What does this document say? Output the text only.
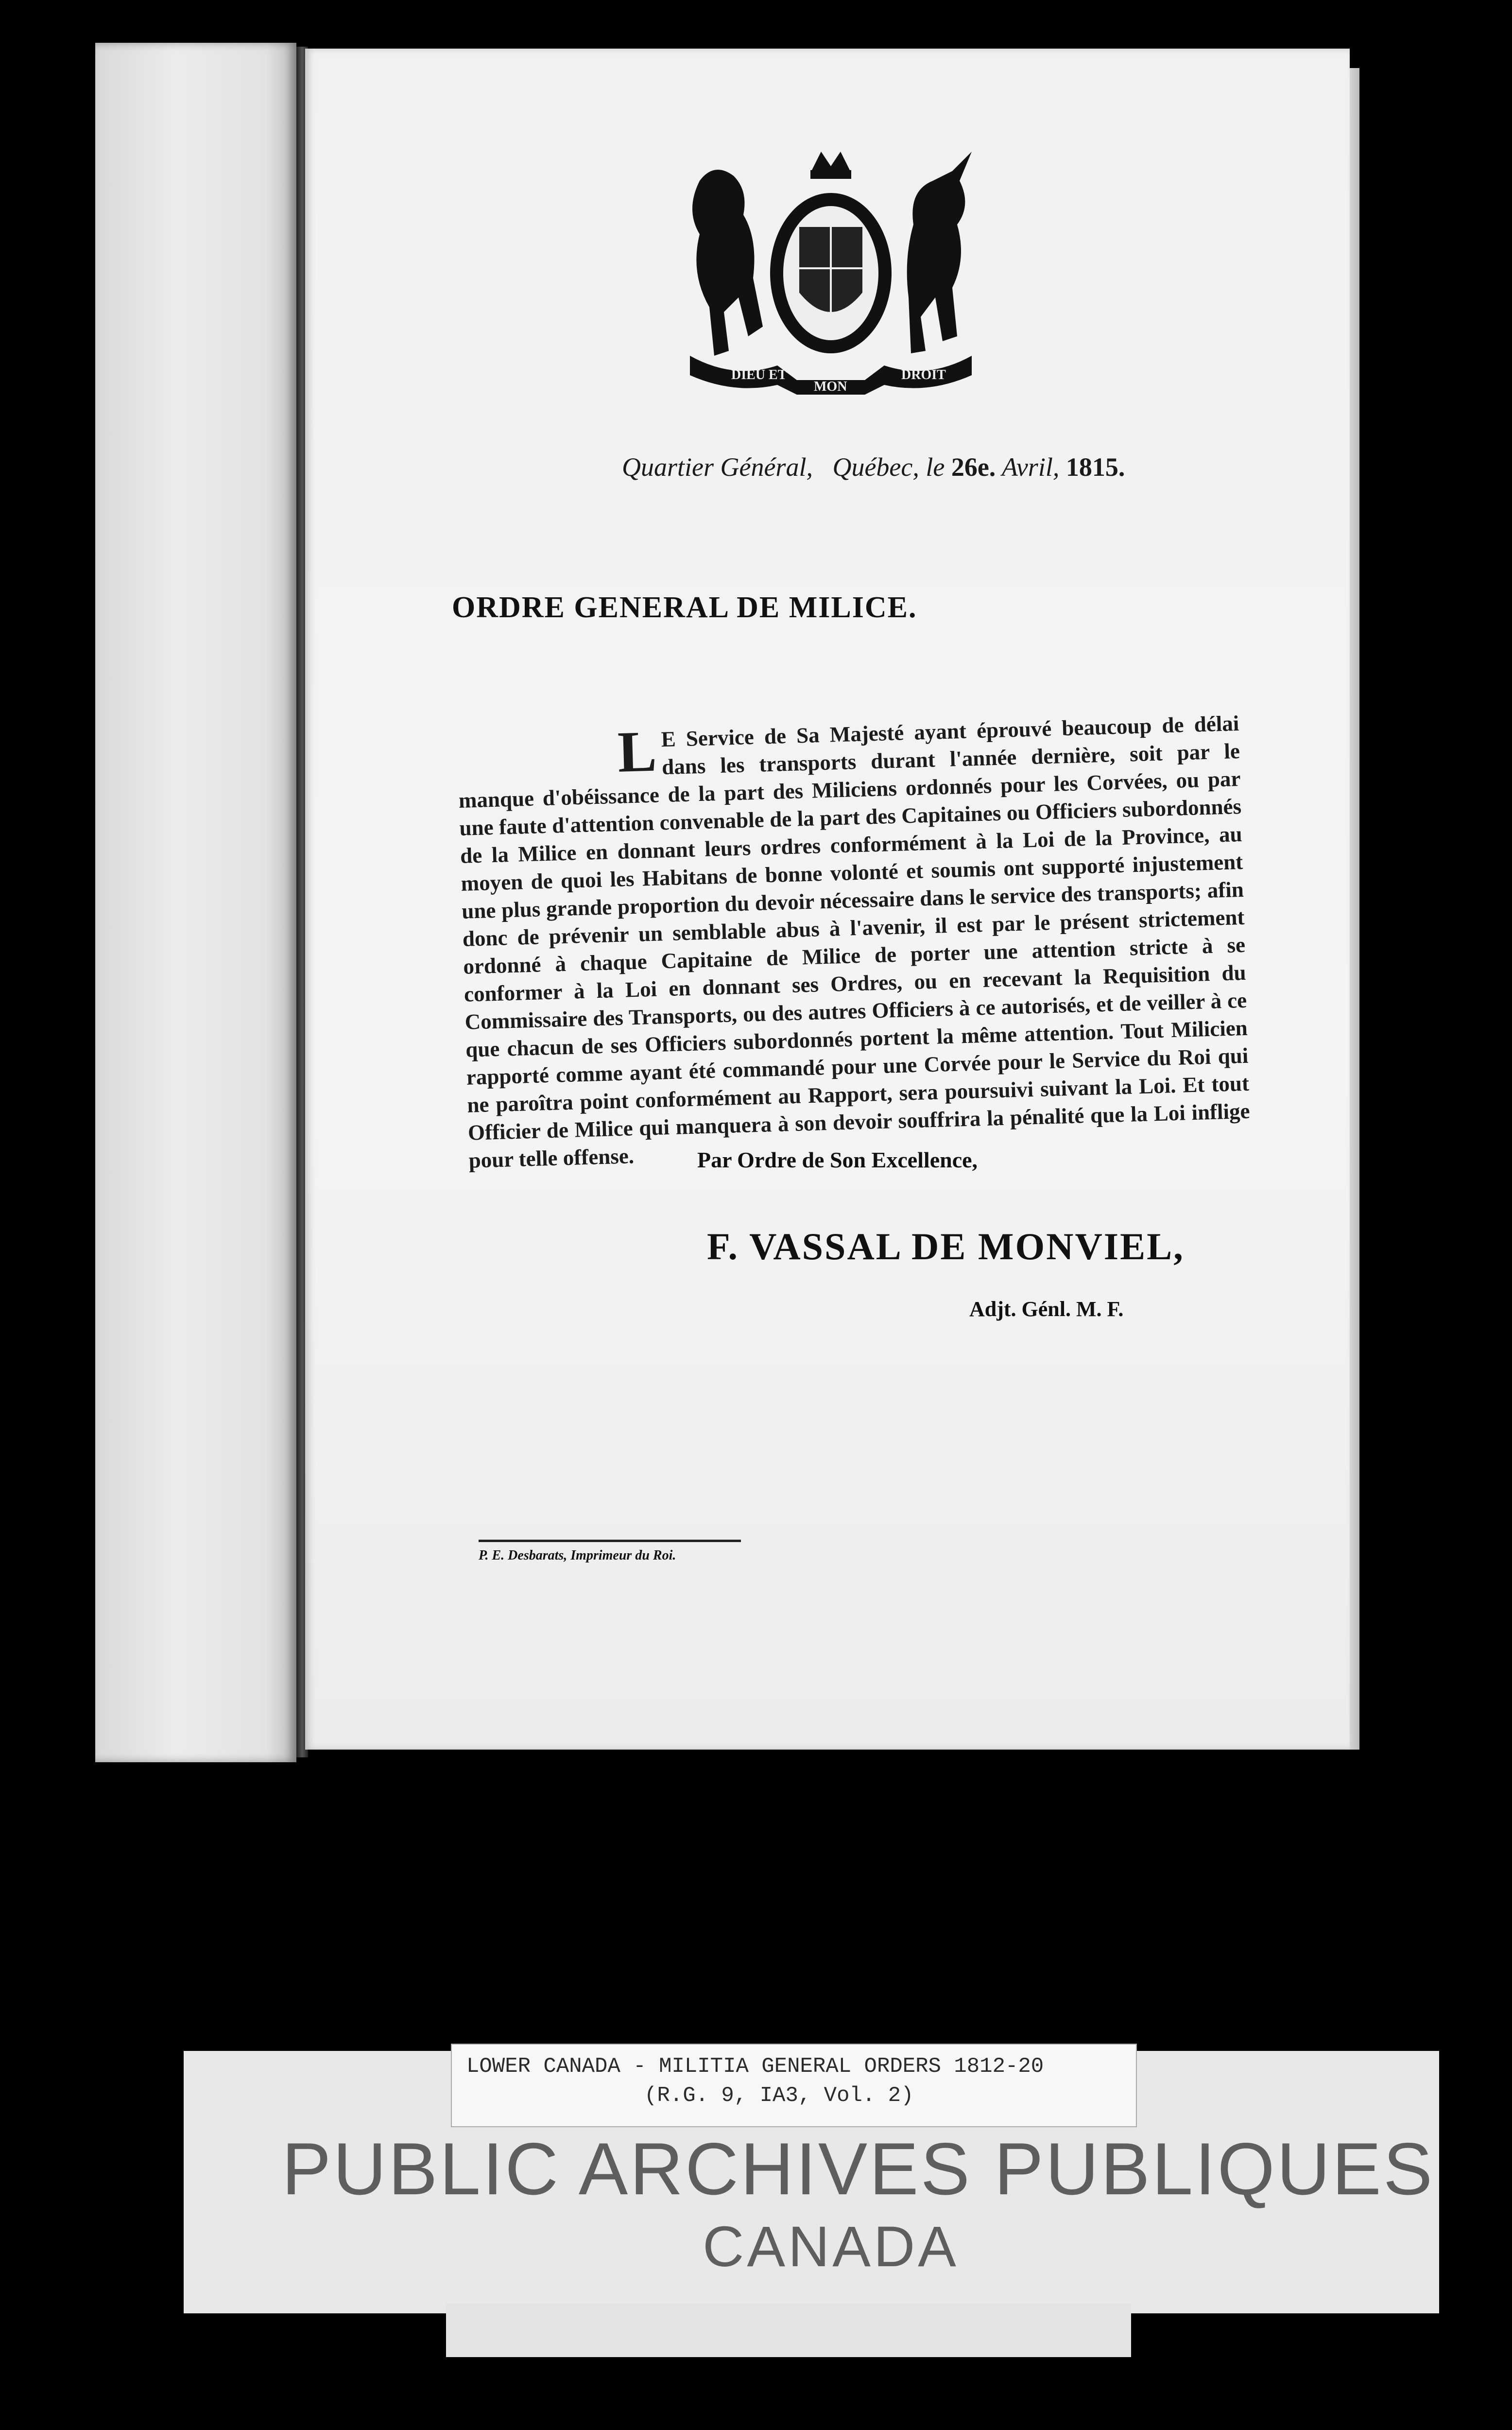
DIEU ET
MON
DROIT
Quartier Général, Québec, le 26e. Avril, 1815.
ORDRE GENERAL DE MILICE.
L E Service de Sa Majesté ayant éprouvé beaucoup de délai dans les transports durant l'année dernière, soit par le manque d'obéissance de la part des Miliciens ordonnés pour les Corvées, ou par une faute d'attention convenable de la part des Capitaines ou Officiers subordonnés de la Milice en donnant leurs ordres conformément à la Loi de la Province, au moyen de quoi les Habitans de bonne volonté et soumis ont supporté injustement une plus grande proportion du devoir nécessaire dans le service des transports; afin donc de prévenir un semblable abus à l'avenir, il est par le présent strictement ordonné à chaque Capitaine de Milice de porter une attention stricte à se conformer à la Loi en donnant ses Ordres, ou en recevant la Requisition du Commissaire des Transports, ou des autres Officiers à ce autorisés, et de veiller à ce que chacun de ses Officiers subordonnés portent la même attention. Tout Milicien rapporté comme ayant été commandé pour une Corvée pour le Service du Roi qui ne paroîtra point conformément au Rapport, sera poursuivi suivant la Loi. Et tout Officier de Milice qui manquera à son devoir souffrira la pénalité que la Loi inflige pour telle offense.	Par Ordre de Son Excellence,
F. VASSAL DE MONVIEL,
Adjt. Génl. M. F.
P. E. Desbarats, Imprimeur du Roi.
LOWER CANADA - MILITIA GENERAL ORDERS 1812-20
(R.G. 9, IA3, Vol. 2)
PUBLIC ARCHIVES PUBLIQUES
CANADA
